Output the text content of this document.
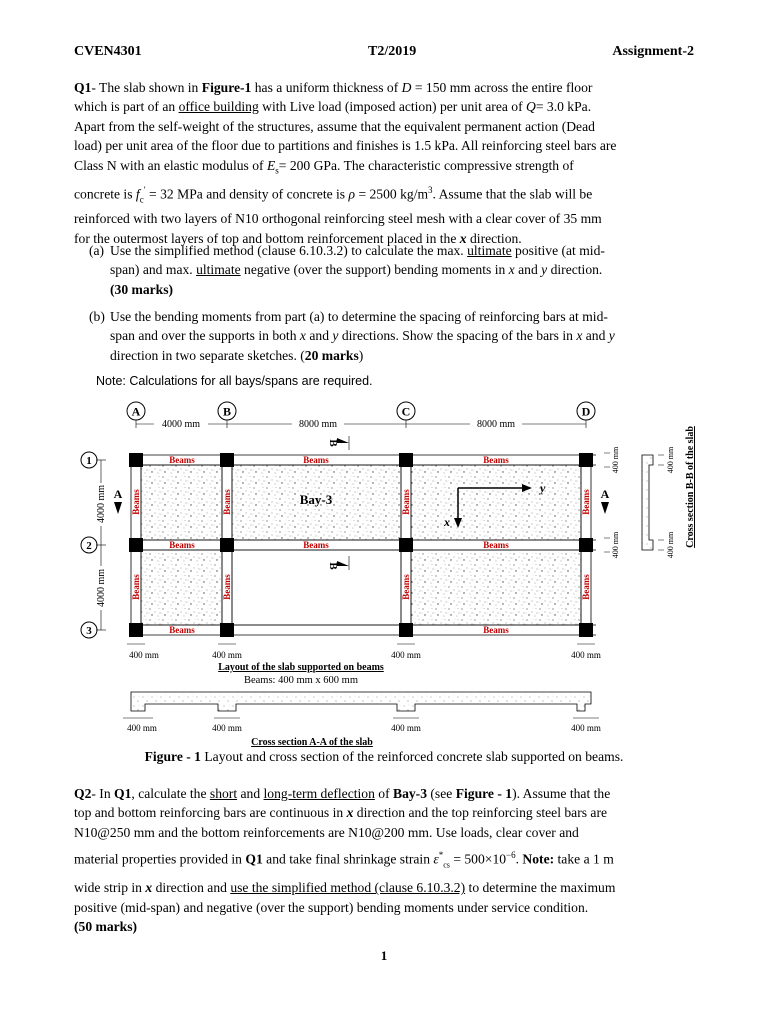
CVEN4301	T2/2019	Assignment-2
Q1- The slab shown in Figure-1 has a uniform thickness of D = 150 mm across the entire floor
which is part of an office building with Live load (imposed action) per unit area of Q= 3.0 kPa.
Apart from the self-weight of the structures, assume that the equivalent permanent action (Dead
load) per unit area of the floor due to partitions and finishes is 1.5 kPa. All reinforcing steel bars are
Class N with an elastic modulus of $E_s= 200$ GPa. The characteristic compressive strength of
concrete is $f_c' = 32$ MPa and density of concrete is ρ = 2500 $kg/m^3$. Assume that the slab will be
reinforced with two layers of N10 orthogonal reinforcing steel mesh with a clear cover of 35 mm
for the outermost layers of top and bottom reinforcement placed in the x direction.
(a) Use the simplified method (clause 6.10.3.2) to calculate the max. ultimate positive (at mid-
span) and max. ultimate negative (over the support) bending moments in x and y direction.
(30 marks)
(b) Use the bending moments from part (a) to determine the spacing of reinforcing bars at mid-
span and over the supports in both x and y directions. Show the spacing of the bars in x and y
direction in two separate sketches. (20 marks)
Note: Calculations for all bays/spans are required.
A	B	C	D
4000 mm	8000 mm	8000 mm
Beams	Beams	Beams
Beams	Beams	Beams
Beams	Beams
Beams	Beams	Beams	Beams
Beams	Beams	Beams	Beams
Bay-3
y
x
B
B
A	A
1
2
3
4000 mm
4000 mm
400 mm
400 mm
400 mm
400 mm Cross section B-B of the slab
400 mm	400 mm	400 mm	400 mm
Layout of the slab supported on beams
Beams: 400 mm x 600 mm
400 mm	400 mm	400 mm	400 mm
Cross section A-A of the slab
Figure - 1 Layout and cross section of the reinforced concrete slab supported on beams.
Q2- In Q1, calculate the short and long-term deflection of Bay-3 (see Figure - 1). Assume that the
top and bottom reinforcing bars are continuous in x direction and the top reinforcing steel bars are
N10@250 mm and the bottom reinforcements are N10@200 mm. Use loads, clear cover and
material properties provided in Q1 and take final shrinkage strain $\varepsilon^*_{cs} = 500\times 10^{-6}$. Note: take a 1 m
wide strip in x direction and use the simplified method (clause 6.10.3.2) to determine the maximum
positive (mid-span) and negative (over the support) bending moments under service condition.
(50 marks)
1
